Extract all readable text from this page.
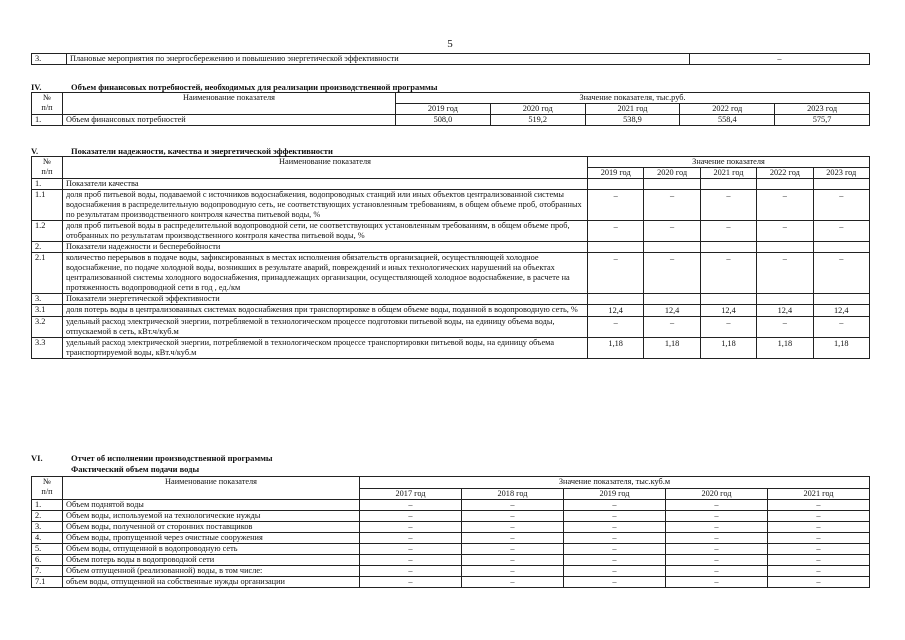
5
3.	Плановые мероприятия по энергосбережению и повышению энергетической эффективности	–
IV.	Объем финансовых потребностей, необходимых для реализации производственной программы
№
п/п	Наименование показателя	Значение показателя, тыс.руб.				
		2019 год	2020 год	2021 год	2022 год	2023 год
1.	Объем финансовых потребностей	508,0	519,2	538,9	558,4	575,7
V.	Показатели надежности, качества и энергетической эффективности
№
п/п	Наименование показателя	Значение показателя				
		2019 год	2020 год	2021 год	2022 год	2023 год
1.	Показатели качества					
1.1	доля проб питьевой воды, подаваемой с источников водоснабжения, водопроводных станций или иных объектов централизованной системы водоснабжения в распределительную водопроводную сеть, не соответствующих установленным требованиям, в общем объеме проб, отобранных по результатам производственного контроля качества питьевой воды, %	–	–	–	–	–
1.2	доля проб питьевой воды в распределительной водопроводной сети, не соответствующих установленным требованиям, в общем объеме проб, отобранных по результатам производственного контроля качества питьевой воды, %	–	–	–	–	–
2.	Показатели надежности и бесперебойности					
2.1	количество перерывов в подаче воды, зафиксированных в местах исполнения обязательств организацией, осуществляющей холодное водоснабжение, по подаче холодной воды, возникших в результате аварий, повреждений и иных технологических нарушений на объектах централизованной системы холодного водоснабжения, принадлежащих организации, осуществляющей холодное водоснабжение, в расчете на протяженность водопроводной сети в год , ед./км	–	–	–	–	–
3.	Показатели энергетической эффективности					
3.1	доля потерь воды в централизованных системах водоснабжения при транспортировке в общем объеме воды, поданной в водопроводную сеть, %	12,4	12,4	12,4	12,4	12,4
3.2	удельный расход электрической энергии, потребляемой в технологическом процессе подготовки питьевой воды, на единицу объема воды, отпускаемой в сеть, кВт.ч/куб.м	–	–	–	–	–
3.3	удельный расход электрической энергии, потребляемой в технологическом процессе транспортировки питьевой воды, на единицу объема транспортируемой воды, кВт.ч/куб.м	1,18	1,18	1,18	1,18	1,18
VI.	Отчет об исполнении производственной программы
Фактический объем подачи воды
№
п/п	Наименование показателя	Значение показателя, тыс.куб.м				
		2017 год	2018 год	2019 год	2020 год	2021 год
1.	Объем поднятой воды	–	–	–	–	–
2.	Объем воды, используемой на технологические нужды	–	–	–	–	–
3.	Объем воды, полученной от сторонних поставщиков	–	–	–	–	–
4.	Объем воды, пропущенной через очистные сооружения	–	–	–	–	–
5.	Объем воды, отпущенной в водопроводную сеть	–	–	–	–	–
6.	Объем потерь воды в водопроводной сети	–	–	–	–	–
7.	Объем отпущенной (реализованной) воды, в том числе:	–	–	–	–	–
7.1	объем воды, отпущенной на собственные нужды организации	–	–	–	–	–
